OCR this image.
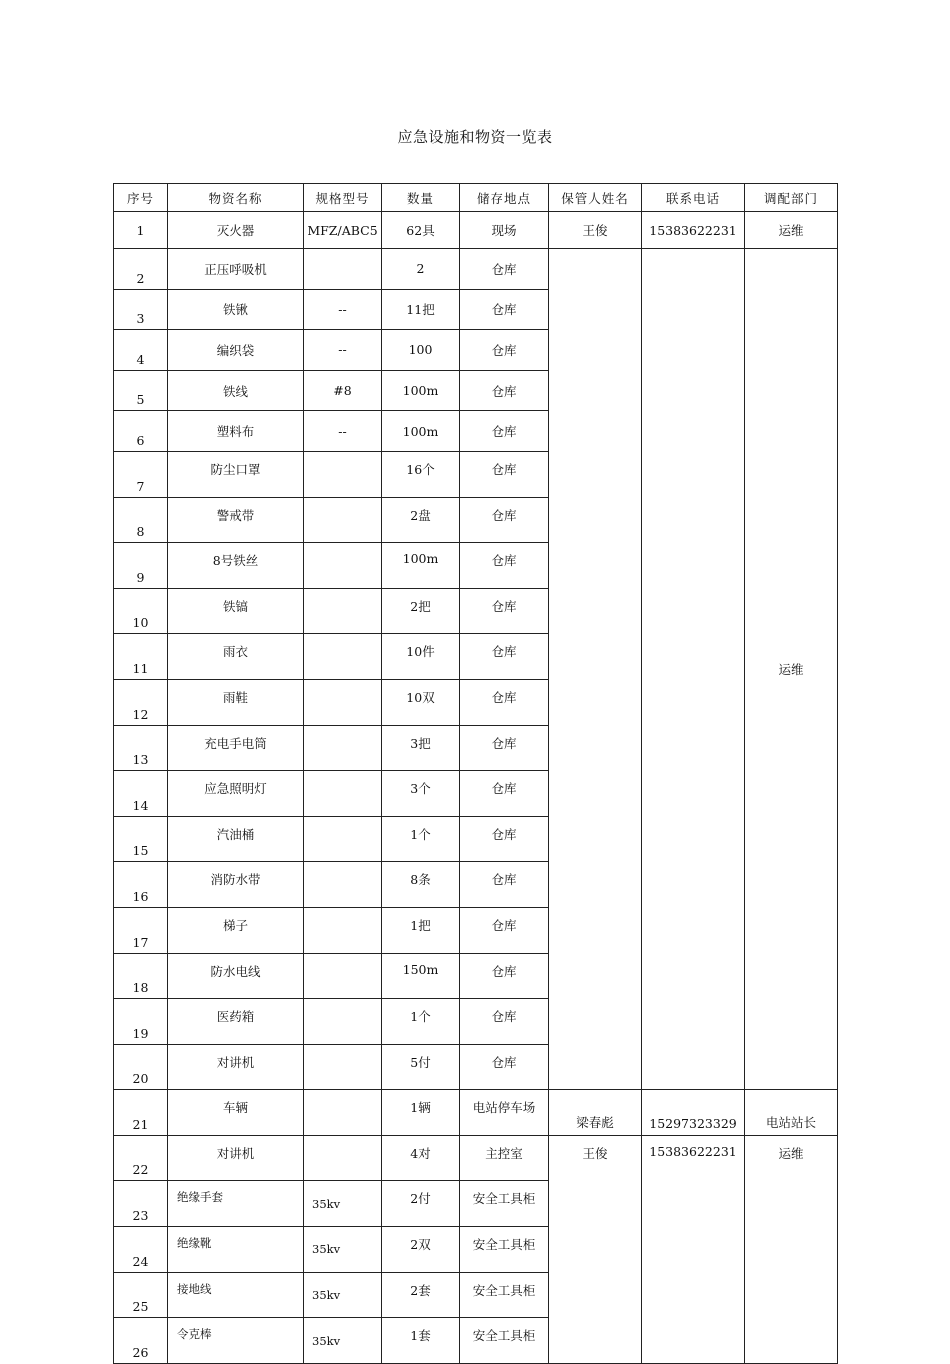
应急设施和物资一览表
序号	物资名称	规格型号	数量	储存地点	保管人姓名	联系电话	调配部门
1	灭火器	MFZ/ABC5	62具	现场	王俊	15383622231	运维
2	正压呼吸机		2	仓库			运维
3	铁锹	--	11把	仓库			
4	编织袋	--	100	仓库			
5	铁线	#8	100m	仓库			
6	塑料布	--	100m	仓库			
7	防尘口罩		16个	仓库			
8	警戒带		2盘	仓库			
9	8号铁丝		100m	仓库			
10	铁镐		2把	仓库			
11	雨衣		10件	仓库			
12	雨鞋		10双	仓库			
13	充电手电筒		3把	仓库			
14	应急照明灯		3个	仓库			
15	汽油桶		1个	仓库			
16	消防水带		8条	仓库			
17	梯子		1把	仓库			
18	防水电线		150m	仓库			
19	医药箱		1个	仓库			
20	对讲机		5付	仓库			
21	车辆		1辆	电站停车场	梁春彪	15297323329	电站站长
22	对讲机		4对	主控室	王俊	15383622231	运维
23	绝缘手套	35kv	2付	安全工具柜			
24	绝缘靴	35kv	2双	安全工具柜			
25	接地线	35kv	2套	安全工具柜			
26	令克棒	35kv	1套	安全工具柜			
